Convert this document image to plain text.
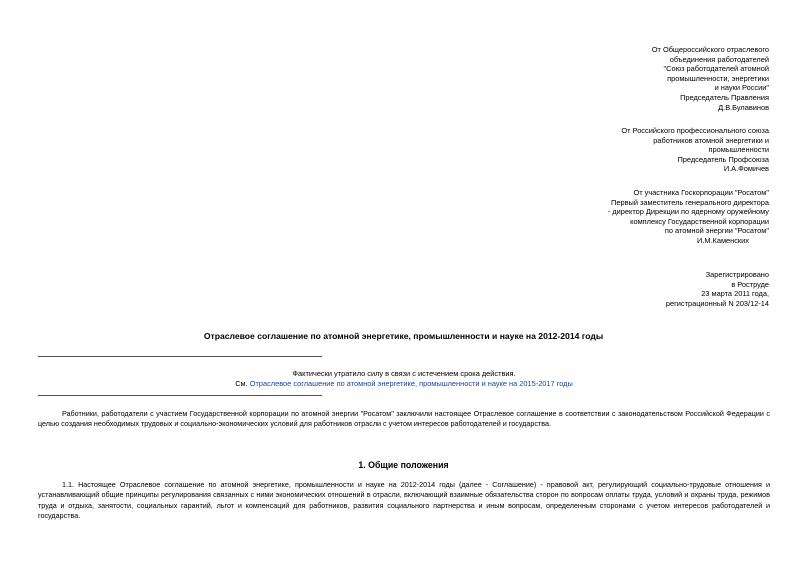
От Общероссийского отраслевого
объединения работодателей
"Союз работодателей атомной
промышленности, энергетики
и науки России"
Председатель Правления
Д.В.Булавинов
От Российского профессионального союза
работников атомной энергетики и
промышленности
Председатель Профсоюза
И.А.Фомичев
От участника Госкорпорации "Росатом"
Первый заместитель генерального директора
- директор Дирекции по ядерному оружейному
комплексу Государственной корпорации
по атомной энергии "Росатом"
И.М.Каменских
Зарегистрировано
в Роструде
23 марта 2011 года,
регистрационный N 203/12-14
Отраслевое соглашение по атомной энергетике, промышленности и науке на 2012-2014 годы
Фактически утратило силу в связи с истечением срока действия.
См. Отраслевое соглашение по атомной энергетике, промышленности и науке на 2015-2017 годы
Работники, работодатели с участием Государственной корпорации по атомной энергии "Росатом" заключили настоящее Отраслевое соглашение в соответствии с законодательством Российской Федерации с целью создания необходимых трудовых и социально-экономических условий для работников отрасли с учетом интересов работодателей и государства.
1. Общие положения
1.1. Настоящее Отраслевое соглашение по атомной энергетике, промышленности и науке на 2012-2014 годы (далее - Соглашение) - правовой акт, регулирующий социально-трудовые отношения и устанавливающий общие принципы регулирования связанных с ними экономических отношений в отрасли, включающий взаимные обязательства сторон по вопросам оплаты труда, условий и охраны труда, режимов труда и отдыха, занятости, социальных гарантий, льгот и компенсаций для работников, развития социального партнерства и иным вопросам, определенным сторонами с учетом интересов работодателей и государства.
